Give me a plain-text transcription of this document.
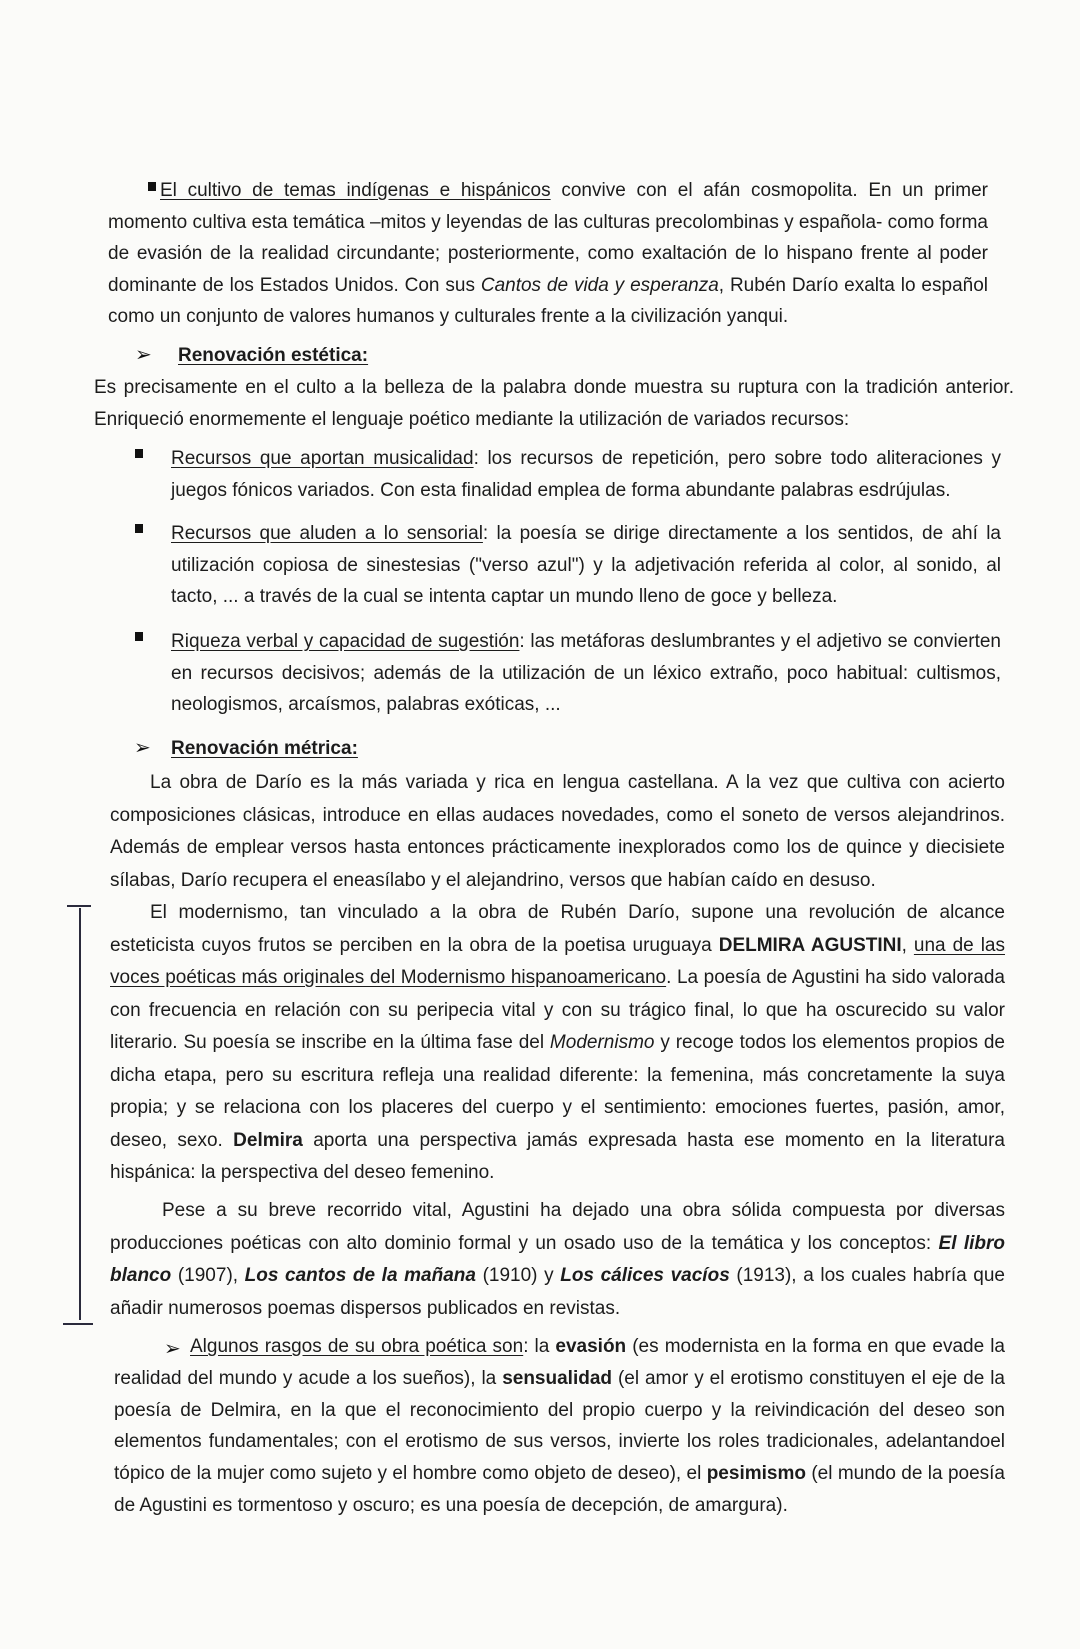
El cultivo de temas indígenas e hispánicos convive con el afán cosmopolita. En un primer momento cultiva esta temática –mitos y leyendas de las culturas precolombinas y española- como forma de evasión de la realidad circundante; posteriormente, como exaltación de lo hispano frente al poder dominante de los Estados Unidos. Con sus Cantos de vida y esperanza, Rubén Darío exalta lo español como un conjunto de valores humanos y culturales frente a la civilización yanqui.
➢ Renovación estética:
Es precisamente en el culto a la belleza de la palabra donde muestra su ruptura con la tradición anterior. Enriqueció enormemente el lenguaje poético mediante la utilización de variados recursos:
Recursos que aportan musicalidad: los recursos de repetición, pero sobre todo aliteraciones y juegos fónicos variados. Con esta finalidad emplea de forma abundante palabras esdrújulas.
Recursos que aluden a lo sensorial: la poesía se dirige directamente a los sentidos, de ahí la utilización copiosa de sinestesias ("verso azul") y la adjetivación referida al color, al sonido, al tacto, ... a través de la cual se intenta captar un mundo lleno de goce y belleza.
Riqueza verbal y capacidad de sugestión: las metáforas deslumbrantes y el adjetivo se convierten en recursos decisivos; además de la utilización de un léxico extraño, poco habitual: cultismos, neologismos, arcaísmos, palabras exóticas, ...
➢ Renovación métrica:
La obra de Darío es la más variada y rica en lengua castellana. A la vez que cultiva con acierto composiciones clásicas, introduce en ellas audaces novedades, como el soneto de versos alejandrinos. Además de emplear versos hasta entonces prácticamente inexplorados como los de quince y diecisiete sílabas, Darío recupera el eneasílabo y el alejandrino, versos que habían caído en desuso.
El modernismo, tan vinculado a la obra de Rubén Darío, supone una revolución de alcance esteticista cuyos frutos se perciben en la obra de la poetisa uruguaya DELMIRA AGUSTINI, una de las voces poéticas más originales del Modernismo hispanoamericano. La poesía de Agustini ha sido valorada con frecuencia en relación con su peripecia vital y con su trágico final, lo que ha oscurecido su valor literario. Su poesía se inscribe en la última fase del Modernismo y recoge todos los elementos propios de dicha etapa, pero su escritura refleja una realidad diferente: la femenina, más concretamente la suya propia; y se relaciona con los placeres del cuerpo y el sentimiento: emociones fuertes, pasión, amor, deseo, sexo. Delmira aporta una perspectiva jamás expresada hasta ese momento en la literatura hispánica: la perspectiva del deseo femenino.
Pese a su breve recorrido vital, Agustini ha dejado una obra sólida compuesta por diversas producciones poéticas con alto dominio formal y un osado uso de la temática y los conceptos: El libro blanco (1907), Los cantos de la mañana (1910) y Los cálices vacíos (1913), a los cuales habría que añadir numerosos poemas dispersos publicados en revistas.
➢ Algunos rasgos de su obra poética son: la evasión (es modernista en la forma en que evade la realidad del mundo y acude a los sueños), la sensualidad (el amor y el erotismo constituyen el eje de la poesía de Delmira, en la que el reconocimiento del propio cuerpo y la reivindicación del deseo son elementos fundamentales; con el erotismo de sus versos, invierte los roles tradicionales, adelantandoel tópico de la mujer como sujeto y el hombre como objeto de deseo), el pesimismo (el mundo de la poesía de Agustini es tormentoso y oscuro; es una poesía de decepción, de amargura).
